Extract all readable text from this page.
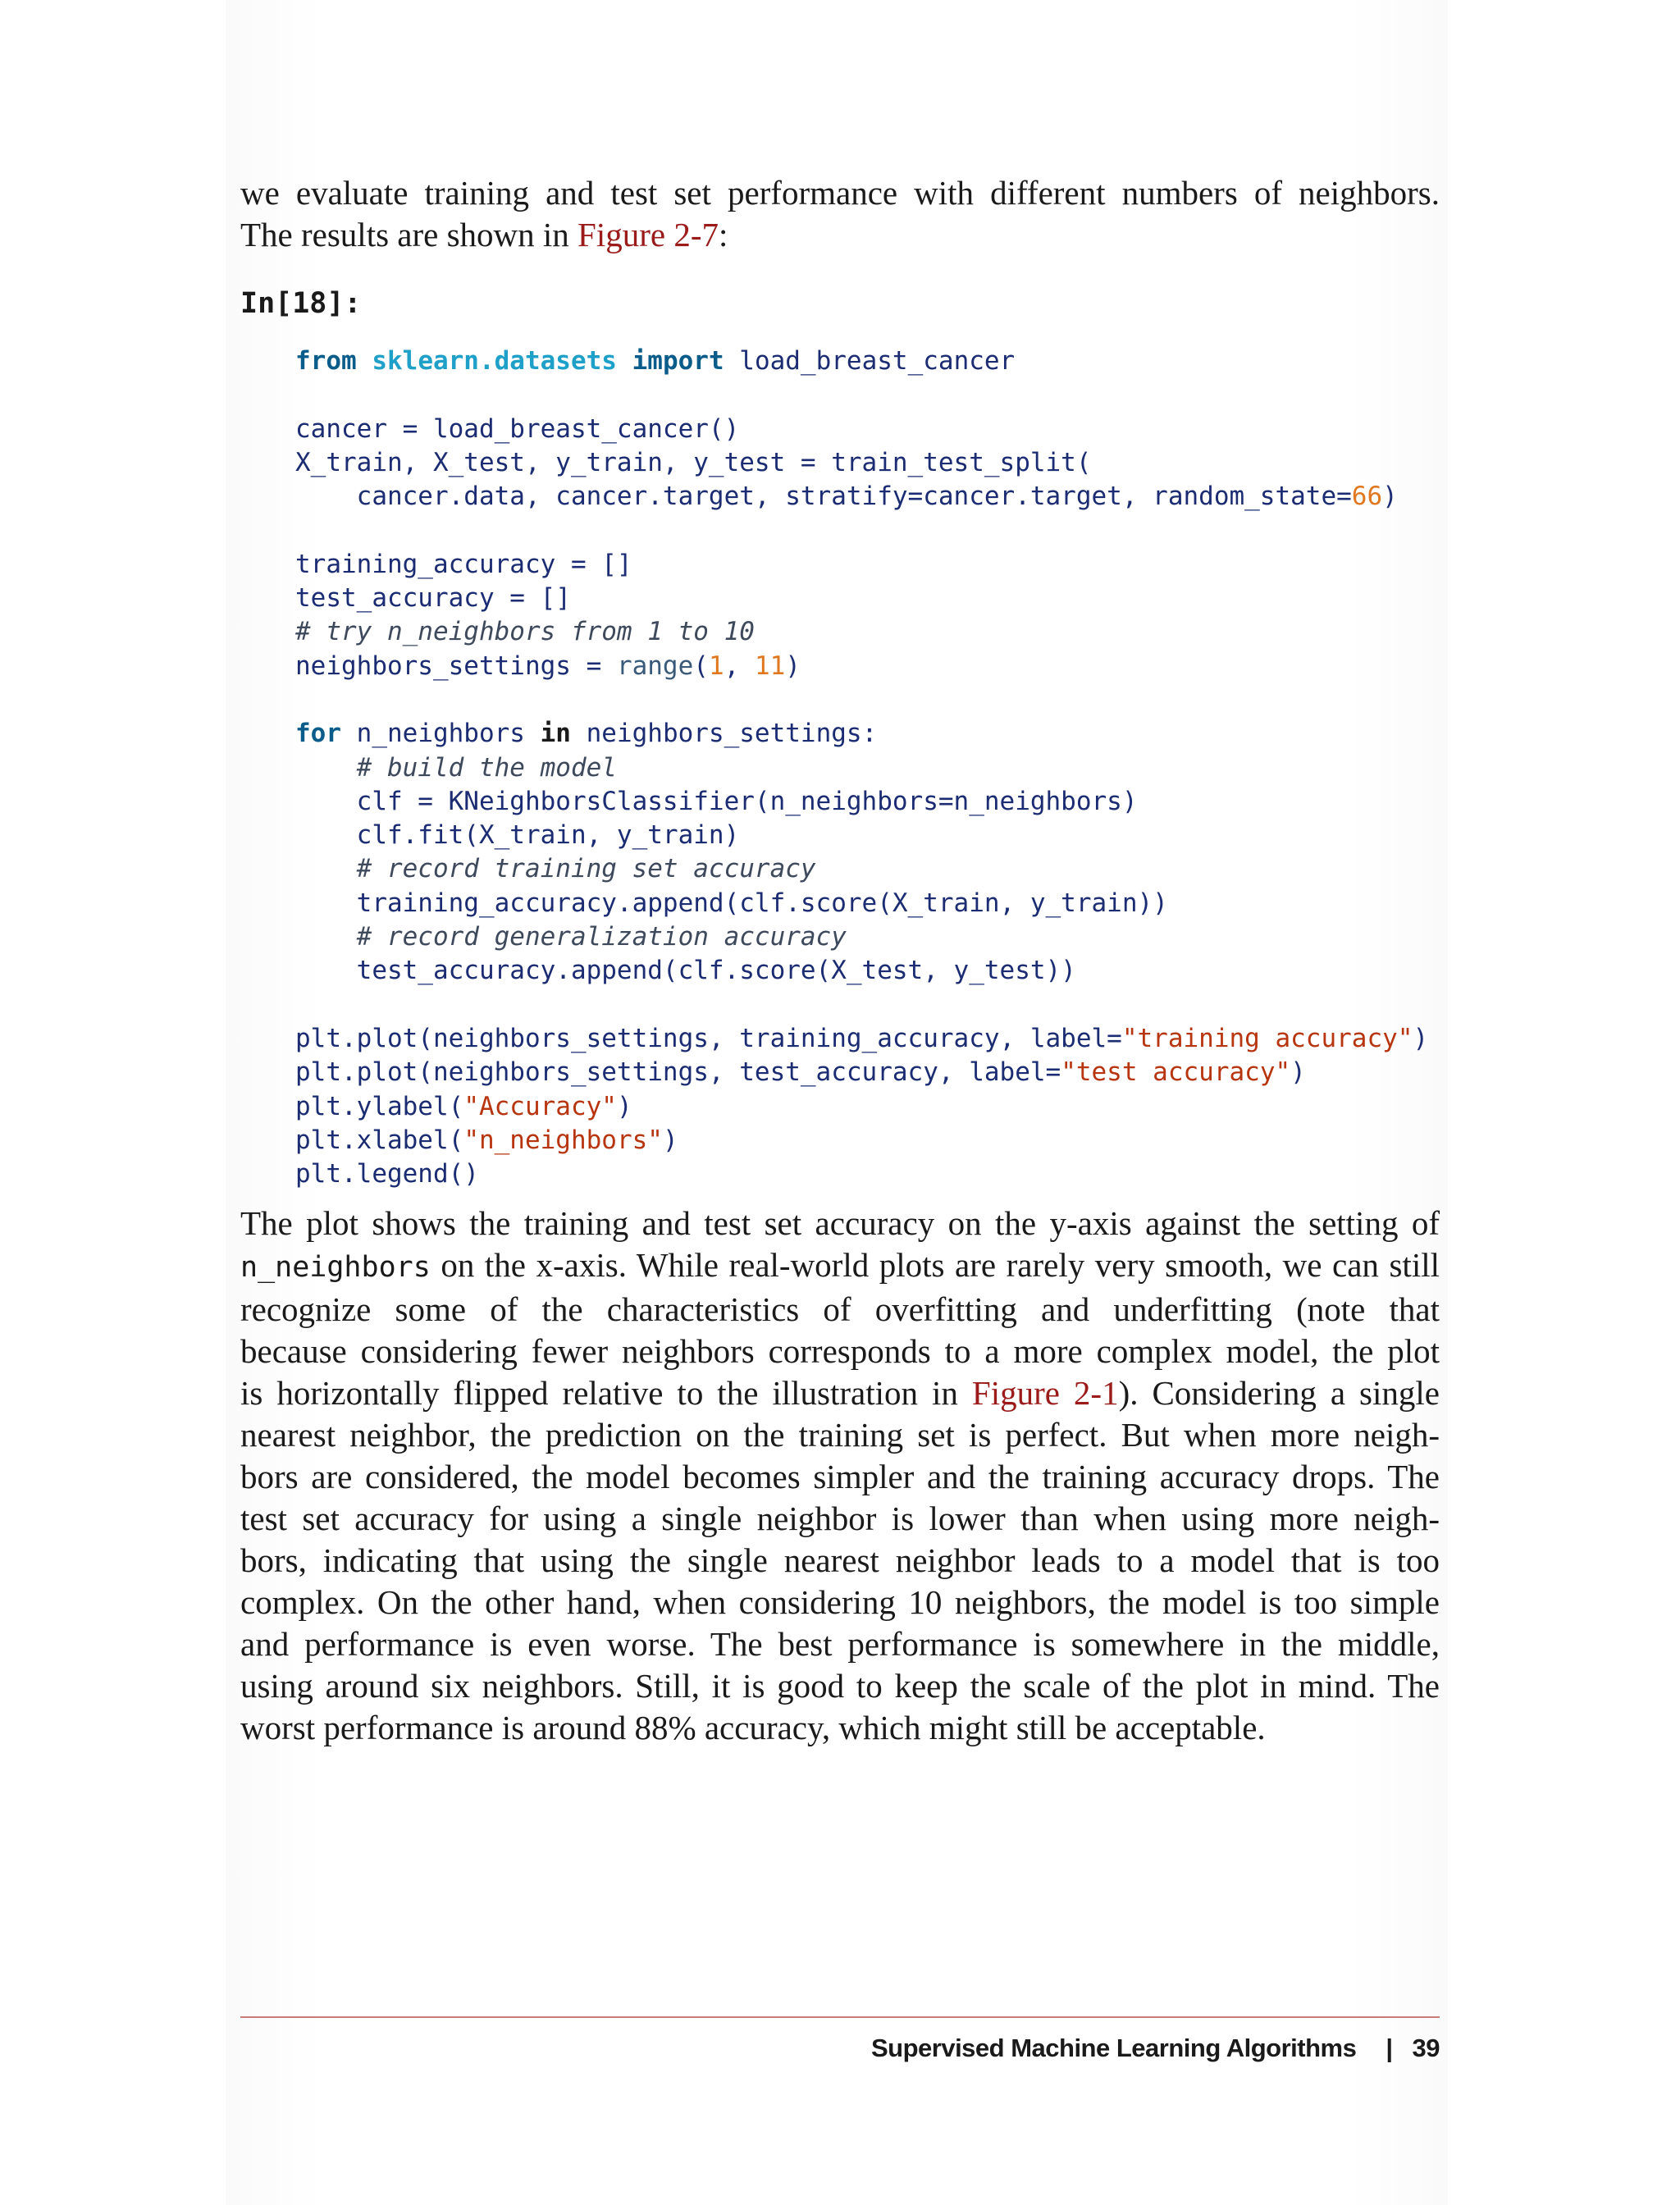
we evaluate training and test set performance with different numbers of neighbors.
The results are shown in Figure 2-7:

In[18]:
from sklearn.datasets import load_breast_cancer

cancer = load_breast_cancer()
X_train, X_test, y_train, y_test = train_test_split(
cancer.data, cancer.target, stratify=cancer.target, random_state=66)

training_accuracy = []
test_accuracy = []
# try n_neighbors from 1 to 10
neighbors_settings = range(1, 11)

for n_neighbors in neighbors_settings:
# build the model
clf = KNeighborsClassifier(n_neighbors=n_neighbors)
clf.fit(X_train, y_train)
# record training set accuracy
training_accuracy.append(clf.score(X_train, y_train))
# record generalization accuracy
test_accuracy.append(clf.score(X_test, y_test))

plt.plot(neighbors_settings, training_accuracy, label="training accuracy")
plt.plot(neighbors_settings, test_accuracy, label="test accuracy")
plt.ylabel("Accuracy")
plt.xlabel("n_neighbors")
plt.legend()

The plot shows the training and test set accuracy on the y-axis against the setting of
n_neighbors on the x-axis. While real-world plots are rarely very smooth, we can still
recognize some of the characteristics of overfitting and underfitting (note that
because considering fewer neighbors corresponds to a more complex model, the plot
is horizontally flipped relative to the illustration in Figure 2-1). Considering a single
nearest neighbor, the prediction on the training set is perfect. But when more neigh-
bors are considered, the model becomes simpler and the training accuracy drops. The
test set accuracy for using a single neighbor is lower than when using more neigh-
bors, indicating that using the single nearest neighbor leads to a model that is too
complex. On the other hand, when considering 10 neighbors, the model is too simple
and performance is even worse. The best performance is somewhere in the middle,
using around six neighbors. Still, it is good to keep the scale of the plot in mind. The
worst performance is around 88% accuracy, which might still be acceptable.

Supervised Machine Learning Algorithms | 39
